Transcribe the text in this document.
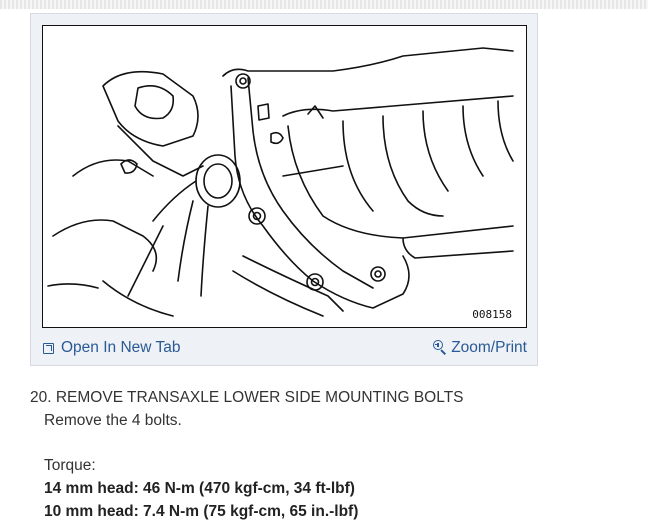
008158
Open In New Tab	Zoom/Print
20. REMOVE TRANSAXLE LOWER SIDE MOUNTING BOLTS
Remove the 4 bolts.
Torque:
14 mm head: 46 N-m (470 kgf-cm, 34 ft-lbf)
10 mm head: 7.4 N-m (75 kgf-cm, 65 in.-lbf)
